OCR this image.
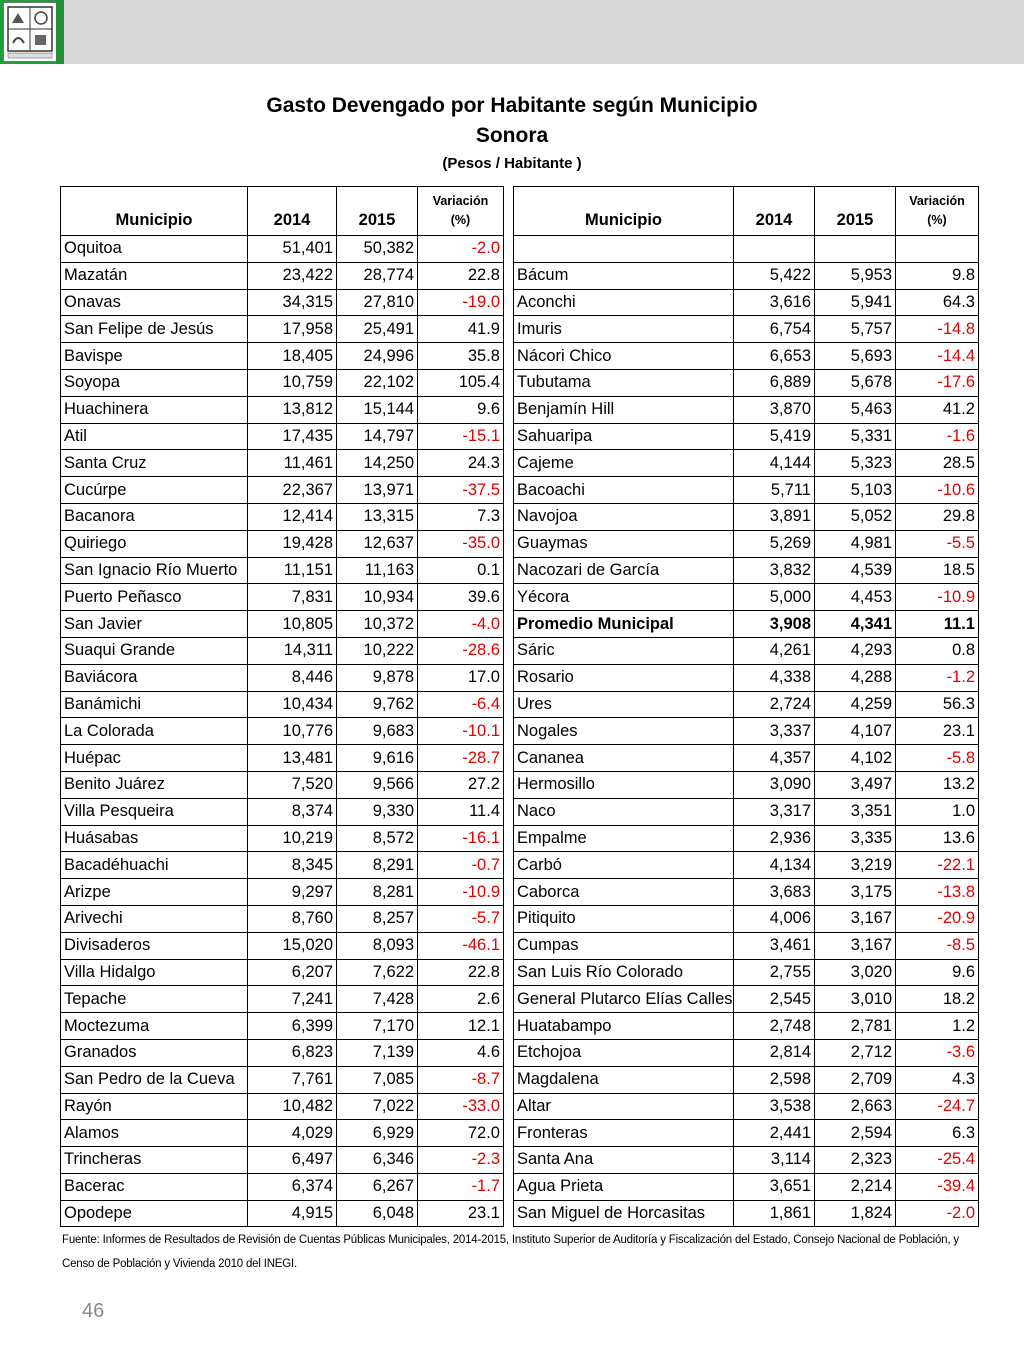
Gasto Devengado por Habitante según Municipio
Sonora
(Pesos / Habitante )
Municipio	2014	2015	Variación
(%)
Oquitoa	51,401	50,382	-2.0
Mazatán	23,422	28,774	22.8
Onavas	34,315	27,810	-19.0
San Felipe de Jesús	17,958	25,491	41.9
Bavispe	18,405	24,996	35.8
Soyopa	10,759	22,102	105.4
Huachinera	13,812	15,144	9.6
Atil	17,435	14,797	-15.1
Santa Cruz	11,461	14,250	24.3
Cucúrpe	22,367	13,971	-37.5
Bacanora	12,414	13,315	7.3
Quiriego	19,428	12,637	-35.0
San Ignacio Río Muerto	11,151	11,163	0.1
Puerto Peñasco	7,831	10,934	39.6
San Javier	10,805	10,372	-4.0
Suaqui Grande	14,311	10,222	-28.6
Baviácora	8,446	9,878	17.0
Banámichi	10,434	9,762	-6.4
La Colorada	10,776	9,683	-10.1
Huépac	13,481	9,616	-28.7
Benito Juárez	7,520	9,566	27.2
Villa Pesqueira	8,374	9,330	11.4
Huásabas	10,219	8,572	-16.1
Bacadéhuachi	8,345	8,291	-0.7
Arizpe	9,297	8,281	-10.9
Arivechi	8,760	8,257	-5.7
Divisaderos	15,020	8,093	-46.1
Villa Hidalgo	6,207	7,622	22.8
Tepache	7,241	7,428	2.6
Moctezuma	6,399	7,170	12.1
Granados	6,823	7,139	4.6
San Pedro de la Cueva	7,761	7,085	-8.7
Rayón	10,482	7,022	-33.0
Alamos	4,029	6,929	72.0
Trincheras	6,497	6,346	-2.3
Bacerac	6,374	6,267	-1.7
Opodepe	4,915	6,048	23.1
Municipio	2014	2015	Variación
(%)

Bácum	5,422	5,953	9.8
Aconchi	3,616	5,941	64.3
Imuris	6,754	5,757	-14.8
Nácori Chico	6,653	5,693	-14.4
Tubutama	6,889	5,678	-17.6
Benjamín Hill	3,870	5,463	41.2
Sahuaripa	5,419	5,331	-1.6
Cajeme	4,144	5,323	28.5
Bacoachi	5,711	5,103	-10.6
Navojoa	3,891	5,052	29.8
Guaymas	5,269	4,981	-5.5
Nacozari de García	3,832	4,539	18.5
Yécora	5,000	4,453	-10.9
Promedio Municipal	3,908	4,341	11.1
Sáric	4,261	4,293	0.8
Rosario	4,338	4,288	-1.2
Ures	2,724	4,259	56.3
Nogales	3,337	4,107	23.1
Cananea	4,357	4,102	-5.8
Hermosillo	3,090	3,497	13.2
Naco	3,317	3,351	1.0
Empalme	2,936	3,335	13.6
Carbó	4,134	3,219	-22.1
Caborca	3,683	3,175	-13.8
Pitiquito	4,006	3,167	-20.9
Cumpas	3,461	3,167	-8.5
San Luis Río Colorado	2,755	3,020	9.6
General Plutarco Elías Calles	2,545	3,010	18.2
Huatabampo	2,748	2,781	1.2
Etchojoa	2,814	2,712	-3.6
Magdalena	2,598	2,709	4.3
Altar	3,538	2,663	-24.7
Fronteras	2,441	2,594	6.3
Santa Ana	3,114	2,323	-25.4
Agua Prieta	3,651	2,214	-39.4
San Miguel de Horcasitas	1,861	1,824	-2.0
Fuente: Informes de Resultados de Revisión de Cuentas Públicas Municipales, 2014-2015, Instituto Superior de Auditoría y Fiscalización del Estado, Consejo Nacional de Población, y Censo de Población y Vivienda 2010 del INEGI.
46
